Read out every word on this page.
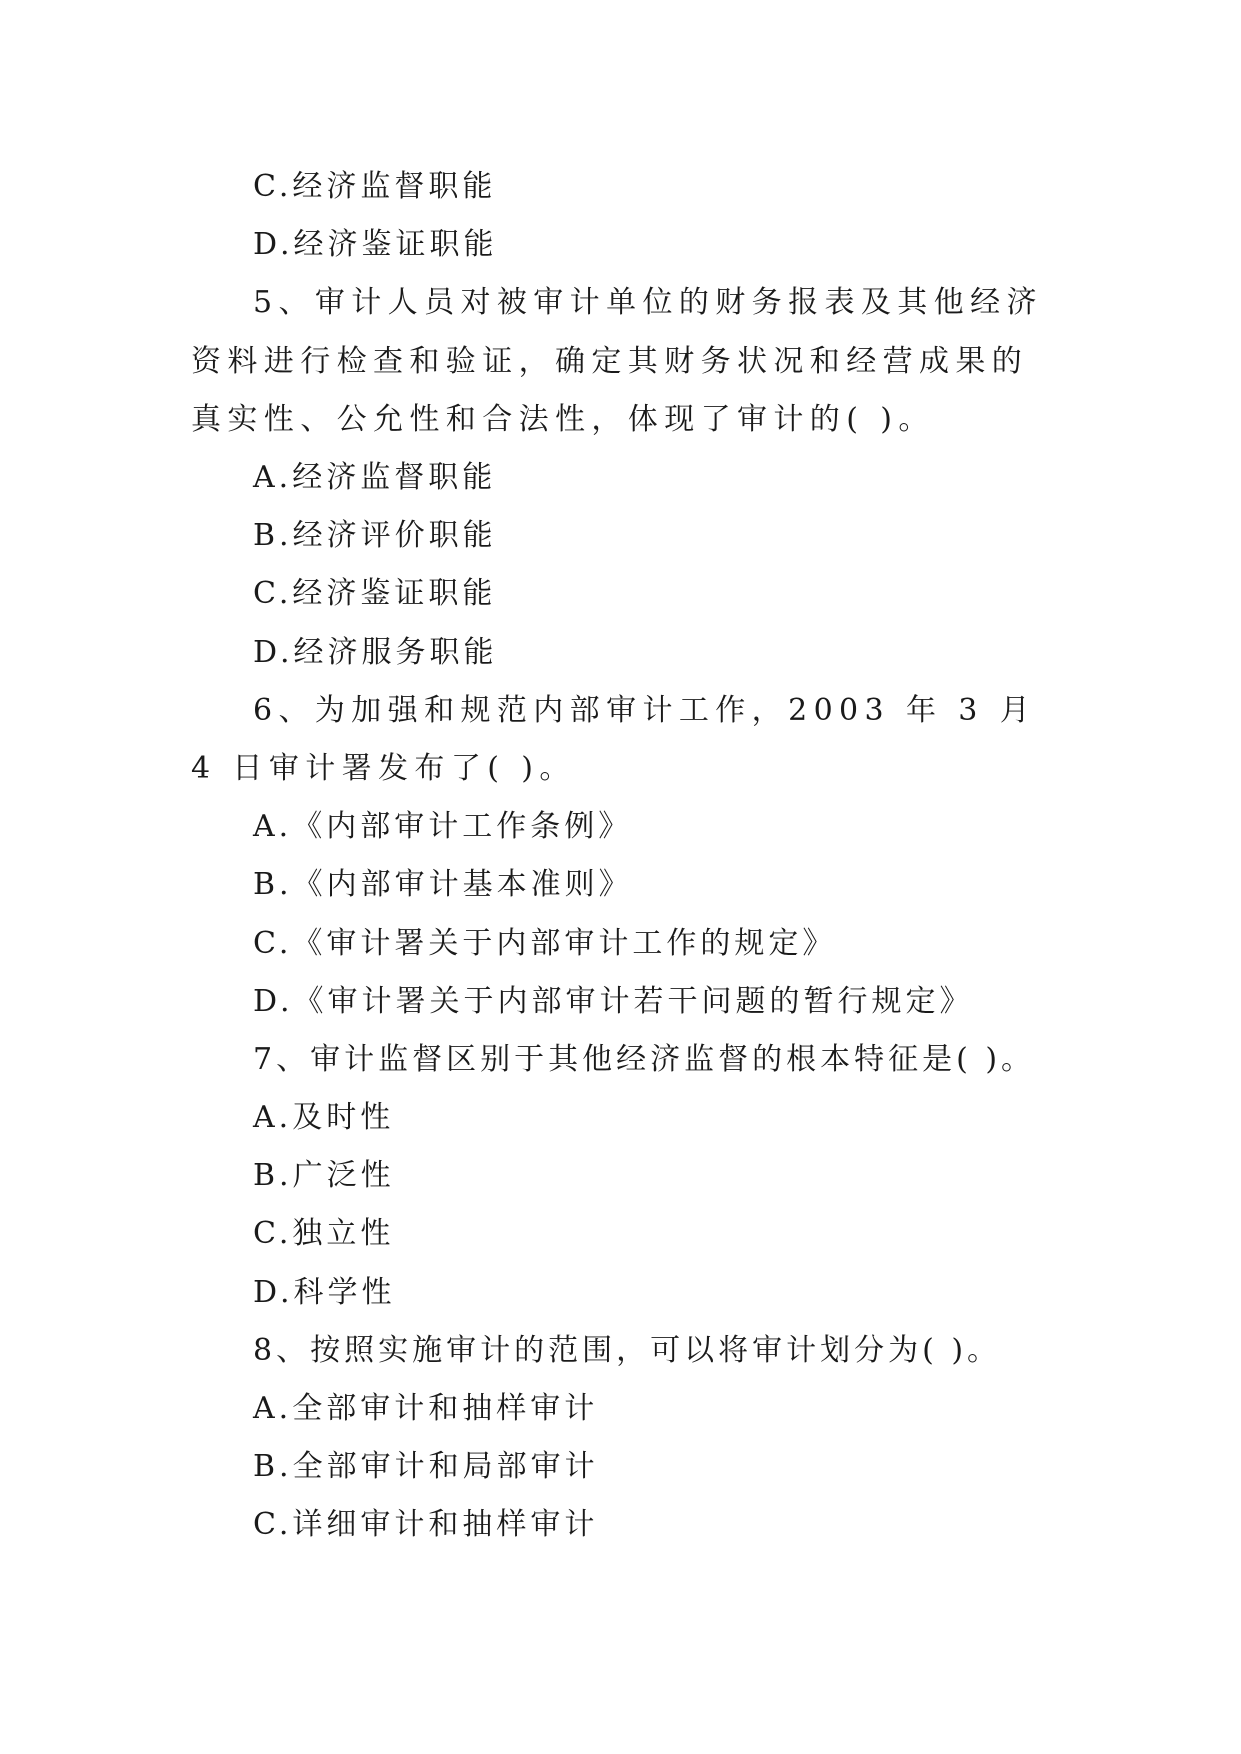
C.经济监督职能
D.经济鉴证职能
5、审计人员对被审计单位的财务报表及其他经济资料进行检查和验证，确定其财务状况和经营成果的真实性、公允性和合法性，体现了审计的( )。
A.经济监督职能
B.经济评价职能
C.经济鉴证职能
D.经济服务职能
6、为加强和规范内部审计工作，2003 年 3 月 4 日审计署发布了( )。
A.《内部审计工作条例》
B.《内部审计基本准则》
C.《审计署关于内部审计工作的规定》
D.《审计署关于内部审计若干问题的暂行规定》
7、审计监督区别于其他经济监督的根本特征是( )。
A.及时性
B.广泛性
C.独立性
D.科学性
8、按照实施审计的范围，可以将审计划分为( )。
A.全部审计和抽样审计
B.全部审计和局部审计
C.详细审计和抽样审计
